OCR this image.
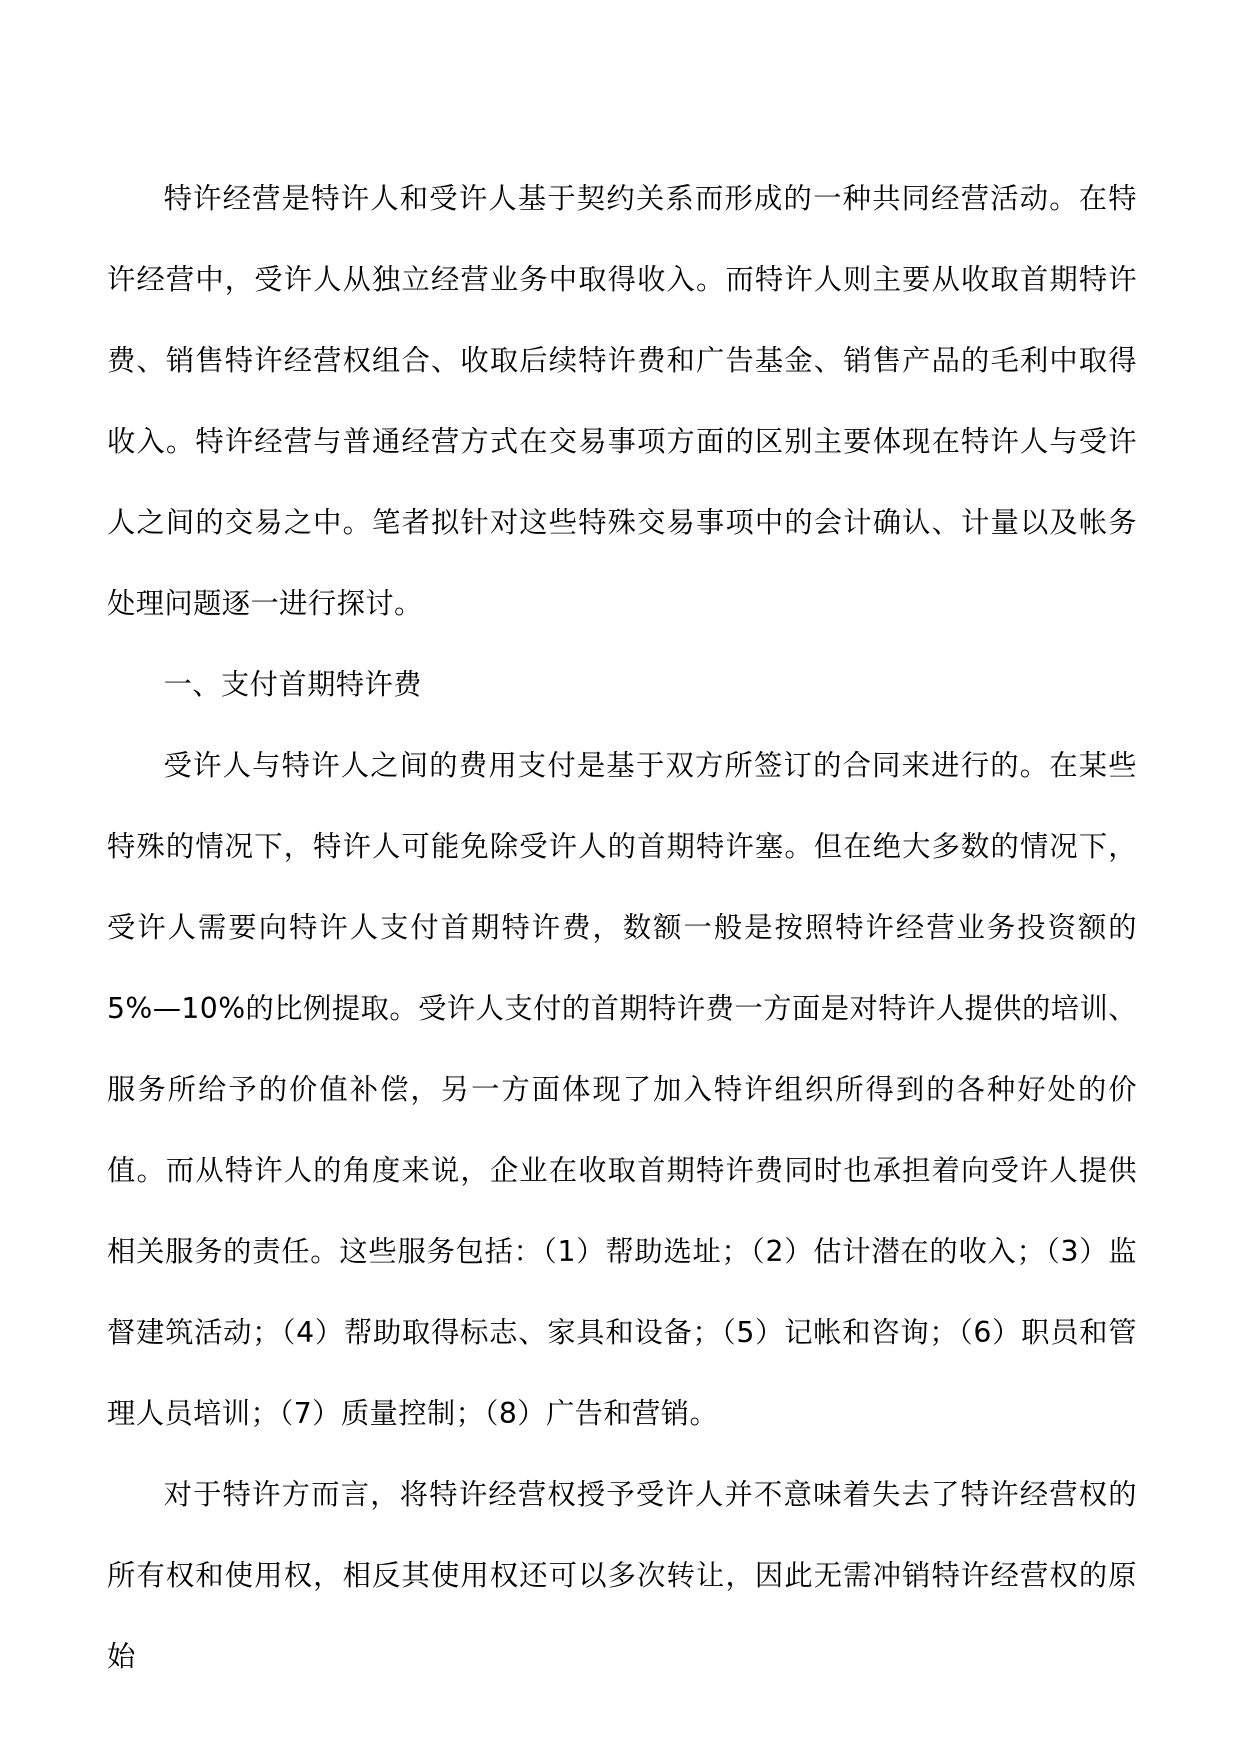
特许经营是特许人和受许人基于契约关系而形成的一种共同经营活动。在特许经营中，受许人从独立经营业务中取得收入。而特许人则主要从收取首期特许费、销售特许经营权组合、收取后续特许费和广告基金、销售产品的毛利中取得收入。特许经营与普通经营方式在交易事项方面的区别主要体现在特许人与受许人之间的交易之中。笔者拟针对这些特殊交易事项中的会计确认、计量以及帐务处理问题逐一进行探讨。

一、支付首期特许费

受许人与特许人之间的费用支付是基于双方所签订的合同来进行的。在某些特殊的情况下，特许人可能免除受许人的首期特许塞。但在绝大多数的情况下，受许人需要向特许人支付首期特许费，数额一般是按照特许经营业务投资额的 5%—10%的比例提取。受许人支付的首期特许费一方面是对特许人提供的培训、服务所给予的价值补偿，另一方面体现了加入特许组织所得到的各种好处的价值。而从特许人的角度来说，企业在收取首期特许费同时也承担着向受许人提供相关服务的责任。这些服务包括：（1）帮助选址；（2）估计潜在的收入；（3）监督建筑活动；（4）帮助取得标志、家具和设备；（5）记帐和咨询；（6）职员和管理人员培训；（7）质量控制；（8）广告和营销。

对于特许方而言，将特许经营权授予受许人并不意味着失去了特许经营权的所有权和使用权，相反其使用权还可以多次转让，因此无需冲销特许经营权的原始
